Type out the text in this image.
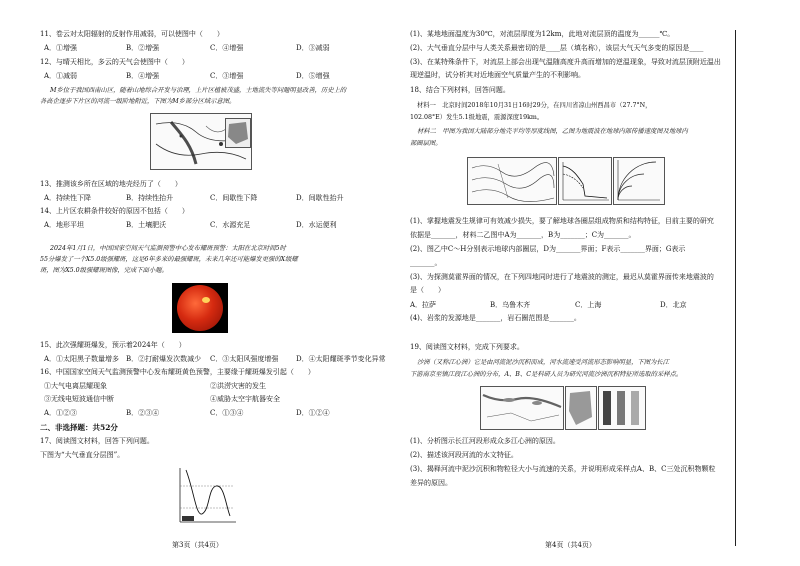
11、卷云对太阳辐射的反射作用减弱，可以使图中（　　）
A．①增强	B．②增强	C．④增强	D．③减弱
12、与晴天相比，多云的天气会使图中（　　）
A．①减弱	B．④增强	C．③增强	D．⑤增强
M乡位于我国西南山区，随着山地综合开发与治理，上片区植被茂盛，土地流失等问题明显改善，历史上的
各高企逐步下片区的河流一级阶地附近，下图为M乡部分区域示意图。
13、推测该乡所在区域的地壳经历了（　　）
A．持续性下降	B．持续性抬升	C．间歇性下降	D．间歇性抬升
14、上片区农耕条件较好的原因不包括（　　）
A．地形平坦	B．土壤肥沃	C．水源充足	D．水运便利
2024年1月1日，中国国家空间天气监测预警中心发布耀斑预警：太阳在北京时间5时
55分爆发了一个X5.0级强耀斑，这是6年多来的最强耀斑，未来几年还可能爆发更强的X级耀
斑，图为X5.0级强耀斑图像，完成下面小题。
15、此次强耀斑爆发，预示着2024年（　　）
A．①太阳黑子数量增多 B．②打耐爆发次数减少 C．③太阳风强度增强	D．④太阳耀斑季节变化异常
16、中国国家空间天气监测预警中心发布耀斑黄色预警，主要缘于耀斑爆发引起（　　）
①大气电离层耀现象	②洪涝灾害的发生
③无线电短波通信中断	④威胁太空宇航器安全
A．①②③	B．②③④	C．①③④	D．①②④
二、非选择题：共52分
17、阅读图文材料，回答下列问题。
下图为“大气垂直分层图”。
第3页（共4页）
(1)、某地地面温度为30℃，对流层厚度为12km，此地对流层顶的温度为______℃。
(2)、大气垂直分层中与人类关系最密切的是____层（填名称），该层大气天气多变的原因是____
(3)、在某特殊条件下，对流层上部会出现气温随高度升高而增加的逆温现象，导致对流层顶附近温出
现逆温时，试分析其对近地面空气质量产生的不利影响。
18、结合下列材料，回答问题。
材料一　北京时间2018年10月31日16时29分，在四川省凉山州西昌市（27.7°N，
102.08°E）发生5.1级地震，震源深度19km。
材料二　甲图为我国大陆部分地壳平均等厚度线图，乙图为地震波在地球内部传播速度图及地球内
部圈层图。
(1)、掌握地震发生规律可有效减少损失，要了解地球各圈层组成物质和结构特征，目前主要的研究
依据是_______，材料二乙图中A为_______，B为_______；C为_______。
(2)、图乙中C～H分别表示地球内部圈层，D为_______界面；F表示_______界面；G表示
_______。
(3)、为探测莫霍界面的情况，在下列四地同时进行了地震波的测定，最迟从莫霍界面传来地震波的
是（　　）
A．拉萨	B．乌鲁木齐	C．上海	D．北京
(4)、岩浆的发源地是_______，岩石圈范围是_______。
19、阅读图文材料，完成下列要求。
沙洲（又称江心洲）它是由河流泥沙沉积而成，河水流速受河流形态影响明显，下图为长江
下游南京至镇江段江心洲的分布，A、B、C是科研人员为研究河流沙洲沉积特征所选取的采样点。
(1)、分析图示长江河段形成众多江心洲的原因。
(2)、描述该河段河流的水文特征。
(3)、揭释河流中泥沙沉积和物粒径大小与流速的关系，并说明形成采样点A、B、C三处沉积物颗粒
差异的原因。
第4页（共4页）
